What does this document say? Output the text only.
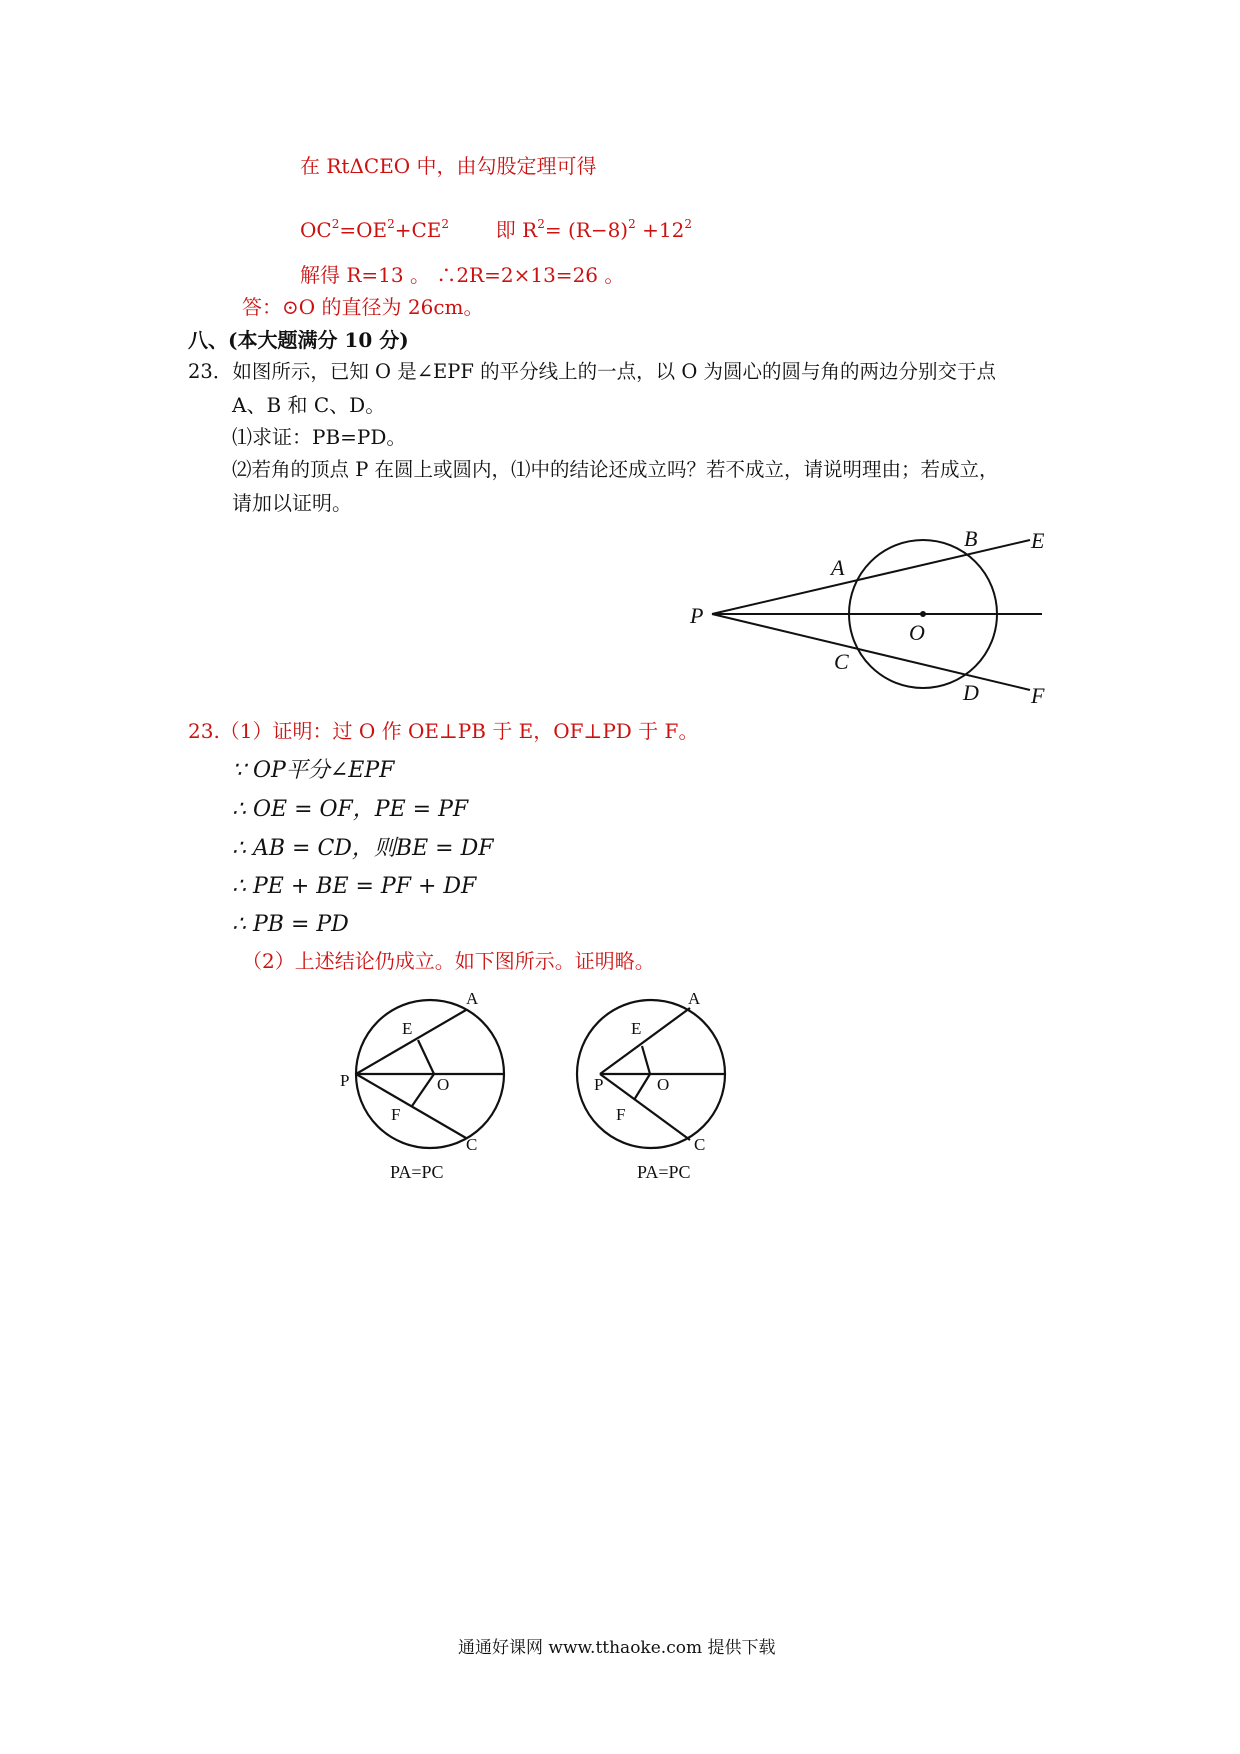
在 RtΔCEO 中，由勾股定理可得
$OC^2=OE^2+CE^2$ 即 $R^2= (R-8)^2 +12^2$
解得 R=13 。 ∴2R=2×13=26 。
答：⊙O 的直径为 26cm。
八、(本大题满分 10 分)
23．如图所示，已知 O 是∠EPF 的平分线上的一点，以 O 为圆心的圆与角的两边分别交于点
A、B 和 C、D。
⑴求证：PB=PD。
⑵若角的顶点 P 在圆上或圆内，⑴中的结论还成立吗？若不成立，请说明理由；若成立，
请加以证明。
P
A
B E
O
C
D F
23.（1）证明：过 O 作 OE⊥PB 于 E，OF⊥PD 于 F。
∵ OP平分∠EPF
∴ OE = OF，PE = PF
∴ AB = CD，则BE = DF
∴ PE + BE = PF + DF
∴ PB = PD
（2）上述结论仍成立。如下图所示。证明略。
A
E
P	O
F
C
PA=PC
A
E
P	O
F
C
PA=PC
通通好课网 www.tthaoke.com 提供下载
